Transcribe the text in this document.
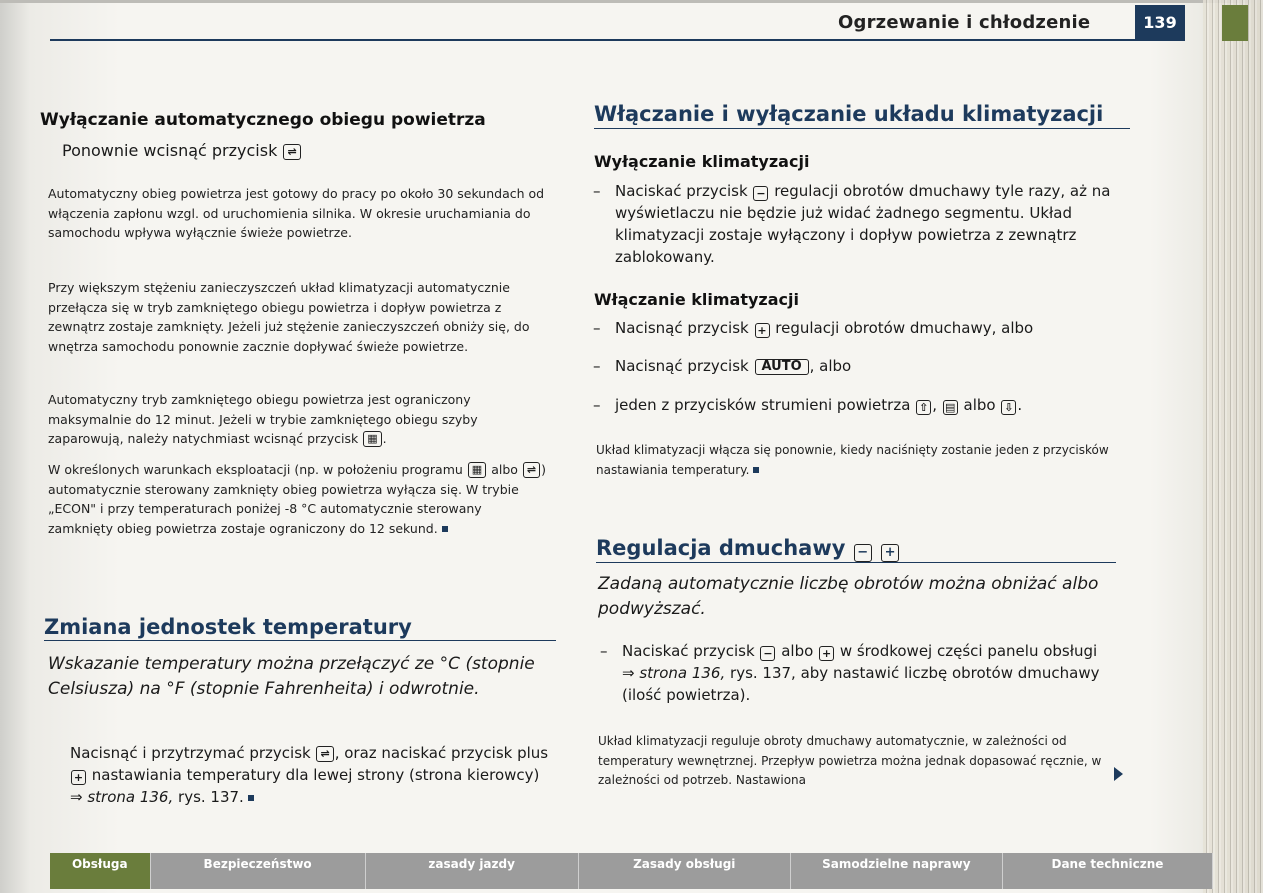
Ogrzewanie i chłodzenie	139
Wyłączanie automatycznego obiegu powietrza
Ponownie wcisnąć przycisk ⇌
Automatyczny obieg powietrza jest gotowy do pracy po około 30 sekundach od włączenia zapłonu wzgl. od uruchomienia silnika. W okresie uruchamiania do samochodu wpływa wyłącznie świeże powietrze.
Przy większym stężeniu zanieczyszczeń układ klimatyzacji automatycznie przełącza się w tryb zamkniętego obiegu powietrza i dopływ powietrza z zewnątrz zostaje zamknięty. Jeżeli już stężenie zanieczyszczeń obniży się, do wnętrza samochodu ponownie zacznie dopływać świeże powietrze.
Automatyczny tryb zamkniętego obiegu powietrza jest ograniczony maksymalnie do 12 minut. Jeżeli w trybie zamkniętego obiegu szyby zaparowują, należy natychmiast wcisnąć przycisk ▦ .
W określonych warunkach eksploatacji (np. w położeniu programu ▦ albo ⇌ ) automatycznie sterowany zamknięty obieg powietrza wyłącza się. W trybie „ECON" i przy temperaturach poniżej -8 °C automatycznie sterowany zamknięty obieg powietrza zostaje ograniczony do 12 sekund.
Zmiana jednostek temperatury
Wskazanie temperatury można przełączyć ze °C (stopnie Celsiusza) na °F (stopnie Fahrenheita) i odwrotnie.
Nacisnąć i przytrzymać przycisk ⇌ , oraz naciskać przycisk plus + nastawiania temperatury dla lewej strony (strona kierowcy) ⇒ strona 136, rys. 137.
Włączanie i wyłączanie układu klimatyzacji
Wyłączanie klimatyzacji
– Naciskać przycisk − regulacji obrotów dmuchawy tyle razy, aż na wyświetlaczu nie będzie już widać żadnego segmentu. Układ klimatyzacji zostaje wyłączony i dopływ powietrza z zewnątrz zablokowany.
Włączanie klimatyzacji
– Nacisnąć przycisk + regulacji obrotów dmuchawy, albo
– Nacisnąć przycisk AUTO , albo
– jeden z przycisków strumieni powietrza ⇧ , ▤ albo ⇩ .
Układ klimatyzacji włącza się ponownie, kiedy naciśnięty zostanie jeden z przycisków nastawiania temperatury.
Regulacja dmuchawy − +
Zadaną automatycznie liczbę obrotów można obniżać albo podwyższać.
– Naciskać przycisk − albo + w środkowej części panelu obsługi ⇒ strona 136, rys. 137, aby nastawić liczbę obrotów dmuchawy (ilość powietrza).
Układ klimatyzacji reguluje obroty dmuchawy automatycznie, w zależności od temperatury wewnętrznej. Przepływ powietrza można jednak dopasować ręcznie, w zależności od potrzeb. Nastawiona
Obsługa	Bezpieczeństwo	zasady jazdy	Zasady obsługi	Samodzielne naprawy	Dane techniczne
